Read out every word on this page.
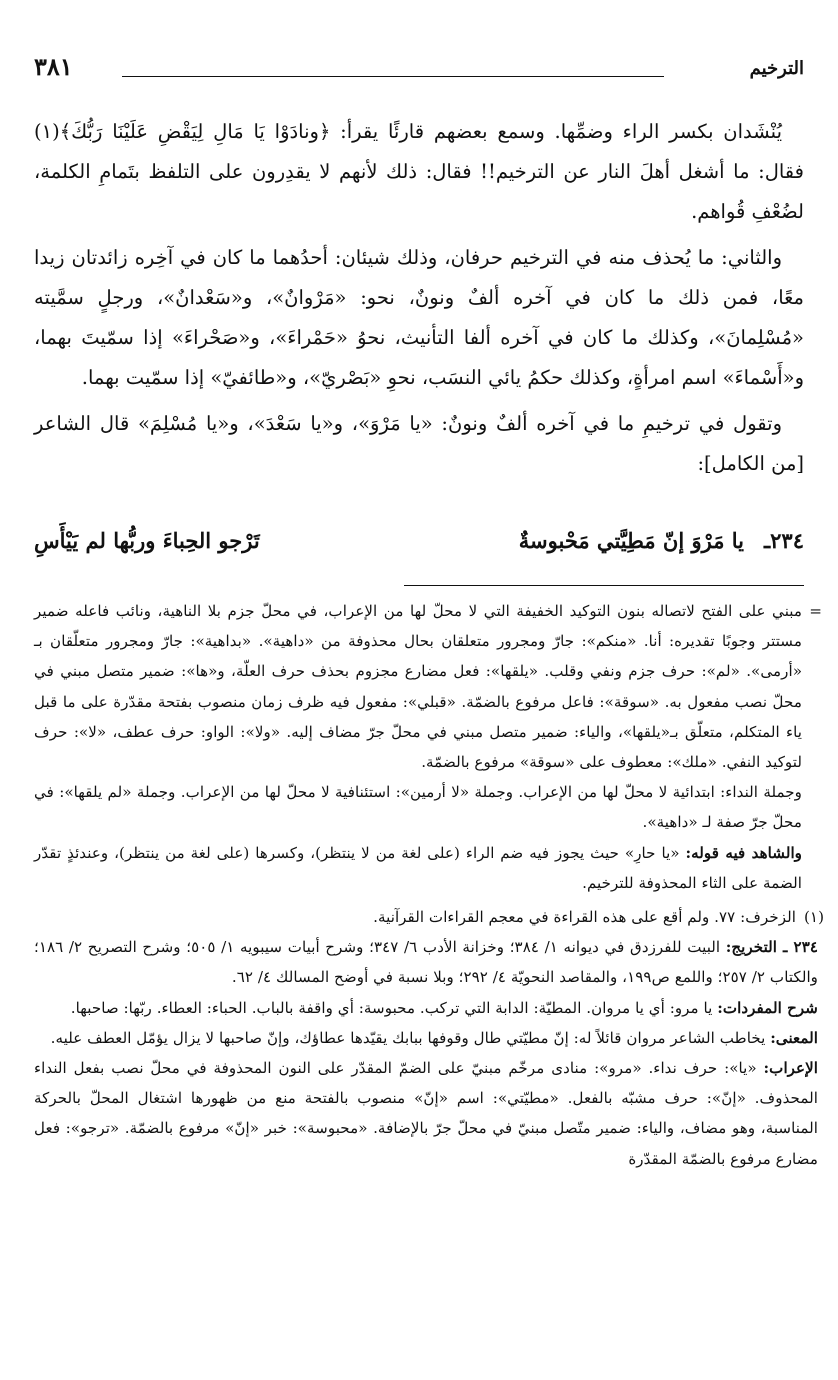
الترخيم
٣٨١

يُنْشَدان بكسر الراء وضمِّها. وسمع بعضهم قارئًا يقرأ: ﴿ونادَوْا يَا مَالِ لِيَقْضِ عَلَيْنَا رَبُّكَ﴾(١) فقال: ما أشغل أهلَ النار عن الترخيم!! فقال: ذلك لأنهم لا يقدِرون على التلفظ بتَمامِ الكلمة، لضُعْفِ قُواهم.

والثاني: ما يُحذف منه في الترخيم حرفان، وذلك شيئان: أحدُهما ما كان في آخِره زائدتان زيدا معًا، فمن ذلك ما كان في آخره ألفٌ ونونٌ، نحو: «مَرْوانٌ»، و«سَعْدانٌ»، ورجلٍ سمَّيته «مُسْلِمانَ»، وكذلك ما كان في آخره ألفا التأنيث، نحوُ «حَمْراءَ»، و«صَحْراءَ» إذا سمّيتَ بهما، و«أَسْماءَ» اسم امرأةٍ، وكذلك حكمُ يائي النسَب، نحوِ «بَصْريّ»، و«طائفيّ» إذا سمّيت بهما.

وتقول في ترخيمِ ما في آخره ألفٌ ونونٌ: «يا مَرْوَ»، و«يا سَعْدَ»، و«يا مُسْلِمَ» قال الشاعر [من الكامل]:

٢٣٤ـ
يا مَرْوَ إنّ مَطِيَّتي مَحْبوسةٌ
تَرْجو الحِباءَ وربُّها لم يَيْأَسِ

=
مبني على الفتح لاتصاله بنون التوكيد الخفيفة التي لا محلّ لها من الإعراب، في محلّ جزم بلا الناهية، ونائب فاعله ضمير مستتر وجوبًا تقديره: أنا. «منكم»: جارّ ومجرور متعلقان بحال محذوفة من «داهية». «بداهية»: جارّ ومجرور متعلّقان بـ «أرمى». «لم»: حرف جزم ونفي وقلب. «يلقها»: فعل مضارع مجزوم بحذف حرف العلّة، و«ها»: ضمير متصل مبني في محلّ نصب مفعول به. «سوقة»: فاعل مرفوع بالضمّة. «قبلي»: مفعول فيه ظرف زمان منصوب بفتحة مقدّرة على ما قبل ياء المتكلم، متعلّق بـ«يلقها»، والياء: ضمير متصل مبني في محلّ جرّ مضاف إليه. «ولا»: الواو: حرف عطف، «لا»: حرف لتوكيد النفي. «ملك»: معطوف على «سوقة» مرفوع بالضمّة.

وجملة النداء: ابتدائية لا محلّ لها من الإعراب. وجملة «لا أرمين»: استئنافية لا محلّ لها من الإعراب. وجملة «لم يلقها»: في محلّ جرّ صفة لـ «داهية».

والشاهد فيه قوله: «يا حارِ» حيث يجوز فيه ضم الراء (على لغة من لا ينتظر)، وكسرها (على لغة من ينتظر)، وعندئذٍ تقدّر الضمة على الثاء المحذوفة للترخيم.

(١)
الزخرف: ٧٧. ولم أقع على هذه القراءة في معجم القراءات القرآنية.

٢٣٤ ـ التخريج: البيت للفرزدق في ديوانه ١/ ٣٨٤؛ وخزانة الأدب ٦/ ٣٤٧؛ وشرح أبيات سيبويه ١/ ٥٠٥؛ وشرح التصريح ٢/ ١٨٦؛ والكتاب ٢/ ٢٥٧؛ واللمع ص١٩٩، والمقاصد النحويّة ٤/ ٢٩٢؛ وبلا نسبة في أوضح المسالك ٤/ ٦٢.

شرح المفردات: يا مرو: أي يا مروان. المطيّة: الدابة التي تركب. محبوسة: أي واقفة بالباب. الحباء: العطاء. ربّها: صاحبها.

المعنى: يخاطب الشاعر مروان قائلاً له: إنّ مطيّتي طال وقوفها ببابك يقيّدها عطاؤك، وإنّ صاحبها لا يزال يؤمّل العطف عليه.

الإعراب: «يا»: حرف نداء. «مرو»: منادى مرخّم مبنيّ على الضمّ المقدّر على النون المحذوفة في محلّ نصب بفعل النداء المحذوف. «إنّ»: حرف مشبّه بالفعل. «مطيّتي»: اسم «إنّ» منصوب بالفتحة منع من ظهورها اشتغال المحلّ بالحركة المناسبة، وهو مضاف، والياء: ضمير متّصل مبنيّ في محلّ جرّ بالإضافة. «محبوسة»: خبر «إنّ» مرفوع بالضمّة. «ترجو»: فعل مضارع مرفوع بالضمّة المقدّرة
